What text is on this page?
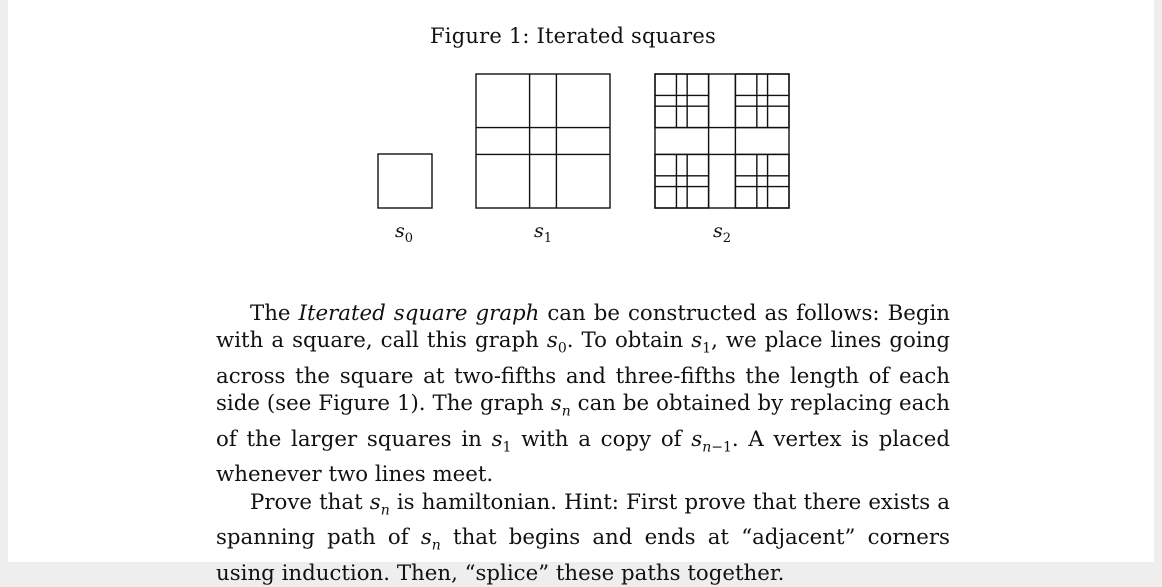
Figure 1: Iterated squares
$s_0$	$s_1$	$s_2$

The Iterated square graph can be constructed as follows: Begin with a square, call this graph $s_0$. To obtain $s_1$, we place lines going across the square at two-fifths and three-fifths the length of each side (see Figure 1). The graph $s_n$ can be obtained by replacing each of the larger squares in $s_1$ with a copy of $s_{n-1}$. A vertex is placed whenever two lines meet.

Prove that $s_n$ is hamiltonian. Hint: First prove that there exists a spanning path of $s_n$ that begins and ends at “adjacent” corners using induction. Then, “splice” these paths together.
